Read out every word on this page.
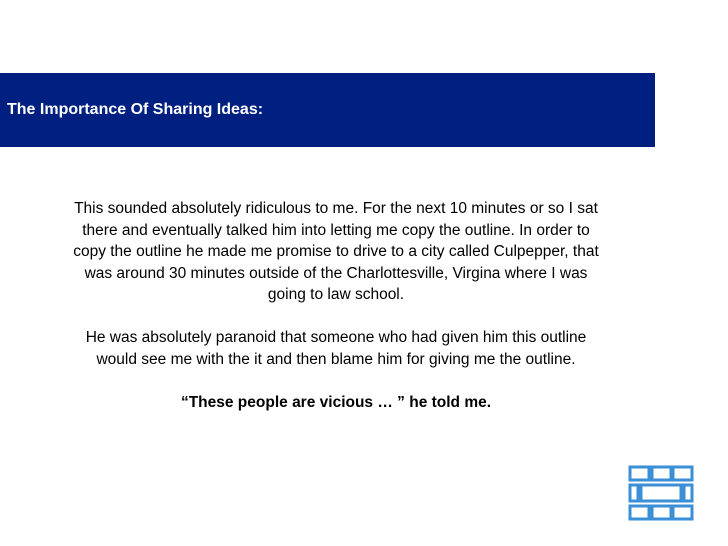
The Importance Of Sharing Ideas:

This sounded absolutely ridiculous to me. For the next 10 minutes or so I sat there and eventually talked him into letting me copy the outline. In order to copy the outline he made me promise to drive to a city called Culpepper, that was around 30 minutes outside of the Charlottesville, Virgina where I was going to law school.

He was absolutely paranoid that someone who had given him this outline would see me with the it and then blame him for giving me the outline.

“These people are vicious … ” he told me.
